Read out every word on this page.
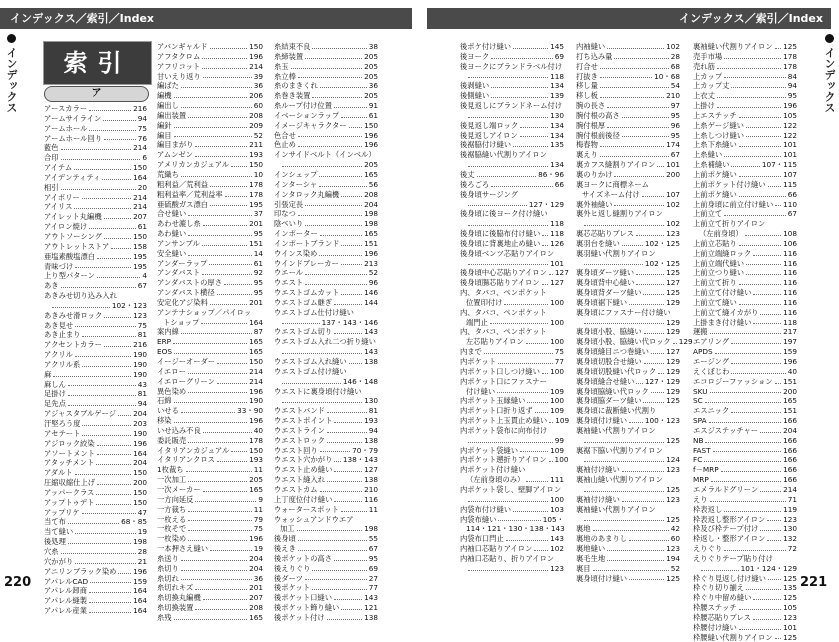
インデックス／索引／Index	インデックス／索引／Index
インデックス	インデックス
索引
ア
アースカラー	216
アームサイライン	94
アームホール	75
アームホール回り	76
藍色	214
合印	6
アイテム	150
アイデンティティ	164
相引	20
アイボリー	214
アイリス	214
アイレット丸編機	207
アイロン焼け	61
アウトソーシング	150
アウトレットストア	158
亜塩素酸塩漂白	195
青味づけ	195
上り型パターン	4
あき	67
あきみせ切り込み入れ
102・123
あきみせ滑ロック	123
あき見せ	75
あき止まり	81
アクセントカラー	216
アクリル	190
アクリル系	190
麻	190
麻しん	43
足掛け	81
足先点	94
アジャスタブルゲージ 204
汗堅ろう度	203
アセテート	190
アジロック絞染	196
アソートメント	164
アタッチメント	204
アダルト	150
圧縮収縮仕上げ	200
アッパークラス	150
アップトゥデト	150
アップリケ	47
当て布	68・85
当て縫い	19
後処理	198
穴糸	28
穴かがり	21
アニリンブラック染め 196
アパレルCAD	159
アパレル卸商	164
アパレル縫製	164
アパレル産業	164
アバンギャルド	150
アフタクロム	196
アフリコット	214
甘いえり返り	39
編ばた	36
編機	206
編出し	60
編出装置	208
編針	209
編目	52
編目まがり	211
アムンゼン	193
アメリカンカジュアル	150
荒織ち	10
粗利益／荒利益	178
粗利益率／荒利益率	178
亜硫酸ガス漂白	195
合せ縫い	37
あわせ漉し糸	201
あわ縫い	95
アンサンブル	151
安全縫い	14
アンダーラップ	61
アンダバスト	92
アンダバストの厚さ	95
アンダバスト横径	95
安定化アジ染料	201
アンテナショップ／パイロッ
トショップ	164
案内線	87
ERP	165
EOS	165
イージーオーダー	150
イエロー	214
イエローグリーン	214
異色染め	196
石綿	190
いせる	33・90
移染	196
いせ込み不良	40
委託販売	178
イタリアンカジュアル	150
イタリアンクロス	193
1枚裁ち	11
一次加工	205
一次メーカー	165
一方向延反	9
一方裁ち	11
一枚える	79
一枚そで	75
一枚染め	196
一本押さえ縫い	19
糸送り	204
糸切り	204
糸切れ	36
糸切れキズ	201
糸切換丸編機	207
糸切換装置	208
糸残	165
糸結束不良	38
糸締装置	205
糸玉	205
糸立棒	205
糸のまきくれ	36
糸巻き装置	205
糸ループ付け位置	91
イベーションラップ	61
イメージキャラクター 150
色合せ	196
色止め	196
インサイドベルト（インベル）
205
インシェップ	165
インターシャ	56
インタロック丸編機	208
引張定長	204
印なつ	198
陰べいり	198
インポーター	165
インポートブランド	151
ウインス染め	196
ウインドブレーカー	213
ウエール	52
ウエスト	96
ウエストゴムカット	146
ウエストゴム継ぎ	144
ウエストゴム仕付け縫い
137・143・146
ウエストゴム切り	143
ウエストゴム入れ二つ折り縫い
143
ウエストゴム入れ縫い 138
ウエストゴム付け縫い
146・148
ウエストに裏身頃付け縫い
130
ウエストバンド	81
ウエストポイント	193
ウエストライン	94
ウエストロック	138
ウエスト回り	70・79
ウエスト穴かがり 138・143
ウエスト止め縫い	127
ウエスト縫入れ	138
ウエストカム	210
上丁度位付け縫い	116
ウォータースポット	11
ウォッシュアンドウエア
加工	198
後身頃	55
後えき	67
後ポケットの高さ	95
後えりぐり	69
後ダーツ	27
後ポケット	77
後ポケット口縫い	143
後ポケット飾り縫い	121
後ポケット付け	138
後ポケ付け縫い	145
後ヨーク	69
後ヨークにブランドラベル付け
118
後剥縫い	134
後側縫い	139
後見返しにブランドネーム付け
130
後見返し端ロック	134
後見返しアイロン	134
後裾脇付け縫い	135
後裾脇縫い代割りアイロン
134
後丈	86・96
後ろごろ	66
後身頃サージング
127・129
後身頃に後ヨーク付け縫い
118
後身頃に後脇布付け縫い 118
後身頃に背裏地止め縫い 126
後身頃ベンツ芯貼りアイロン
101
後身頃中心芯貼りアイロン 127
後身頃腸芯貼りアイロン 127
内、タバコ、ペンポケット
位置印付け	100
内、タバコ、ペンポケット
端門止	100
内、タバコ、ペンポケット
左芯貼りアイロン	100
内まで	75
内ポケット	77
内ポケット口しつけ縫い 100
内ポケット口にファスナー
付け縫い	109
内ポケット玉縁縫い	100
内ポケット口折り返ず 109
内ポケット上玉貫止め縫い 109
内ポケット袋布に向布付け
99
内ポケット袋縫い	109
内ポケット遡折りアイロン 100
内ポケット付け縫い
（左前身頃のみ）	111
内ポケット袋し、壁脚アイロン
100
内袋布付け縫い	103
内袋布縫い	105・
114・121・130・138・143
内袋布口閂止	143
内袖口芯貼りアイロン 102
内袖口芯貼り、折りアイロン
123
内袖縫い	102
打ち込み量	28
打合せ	68
打抜き	10・68
移し量	54
移し板	210
腕の長さ	97
腕付根の高さ	95
腕付根厚	96
腕付根前後径	95
梅春物	174
裏えり	67
裏カフス縫割りアイロン 101
裏のりかけ	200
裏ヨークに商標ネーム
サイズネーム付け	107
裏外袖縫い	102
裏外ヒ返し縫割りアイロン
102
裏芯芯貼りプレス	123
裏羽台を縫い	102・125
裏羽縫い代割りアイロン
102・125
裏身頃ダーツ縫い	125
裏身頃背中心縫い	127
裏身頃背ダーツ縫い	125
裏身頃裾下縫い	129
裏身頃にファスナー付け縫い
129
裏身頃小股、脇縫い	129
裏身頃小股、脇縫い代ロック 129
裏身頃縫目ニつ巻縫い 127
裏身頃切股合せ縫い	129
裏身頃切股縫い代ロック 129
裏身頃縫合せ縫い 127・129
裏身頃脇縫い代ロック 129
裏身頃脇ダーツ縫い	125
裏身頃に裁断縫い代割り
裏身頃付け縫い 100・123
裏袖縫い代割りアイロン
125
裏裾下脇い代割りアイロン
124
裏袖付け縫い	123
裏袖山縫い代割りアイロン
125
裏袖付け縫い	123
裏袖縫い代割りアイロン
125
裏地	42
裏地のあまりし	60
裏地縫い	123
裏毛生地	194
裏目	52
裏身頃付け縫い	125
裏袖縫い代割りアイロン 125
売手市場	178
売れ筋	178
上カップ	84
上カップ丈	94
上衣丈	95
上掛け	196
上エステッチ	105
上糸ゲージ縫い	122
上糸しつけ縫い	122
上糸下糸縫い	101
上糸縫い	101
上糸補縫い	107・115
上前ポケ縫い	107
上前ポケット付け縫い 115
上前ポケ縫い	66
上前身頃に前立付け縫い 110
上前立て	67
上前立て折りアイロン
（左前身頃）	108
上前立芯貼り	106
上前立端縫ロック	116
上前立端代縫い	116
上前立つり縫い	116
上前立て折り	116
上前立て付け縫い	116
上前立て縫い	116
上前立て縫イカがり	116
上掛まき付け縫い	118
運搬	217
エアリング	197
APDS	159
エージング	196
えくぼじわ	40
エコロジーファッション 151
SKU	200
SC	165
エスニック	151
SPA	166
エスジステッチャー	204
NB	166
FAST	166
FC	166
f－MRP	166
MRP	166
エメラルドグリーン	214
えり	71
枠表返し	119
枠表返し整形アイロン 123
枠及び枠テープ付け	130
枠返し・整形アイロン 132
えりぐり	72
えりぐりテープ貼り付け
101・124・129
枠ぐり見返し付け縫い 125
枠ぐり切り揃え	135
枠ぐり中留め縫い	125
枠腰ステッチ	105
枠腰芯貼りプレス	123
枠腰付け縫い	101
枠腰縫い代割りアイロン 125
220	221
